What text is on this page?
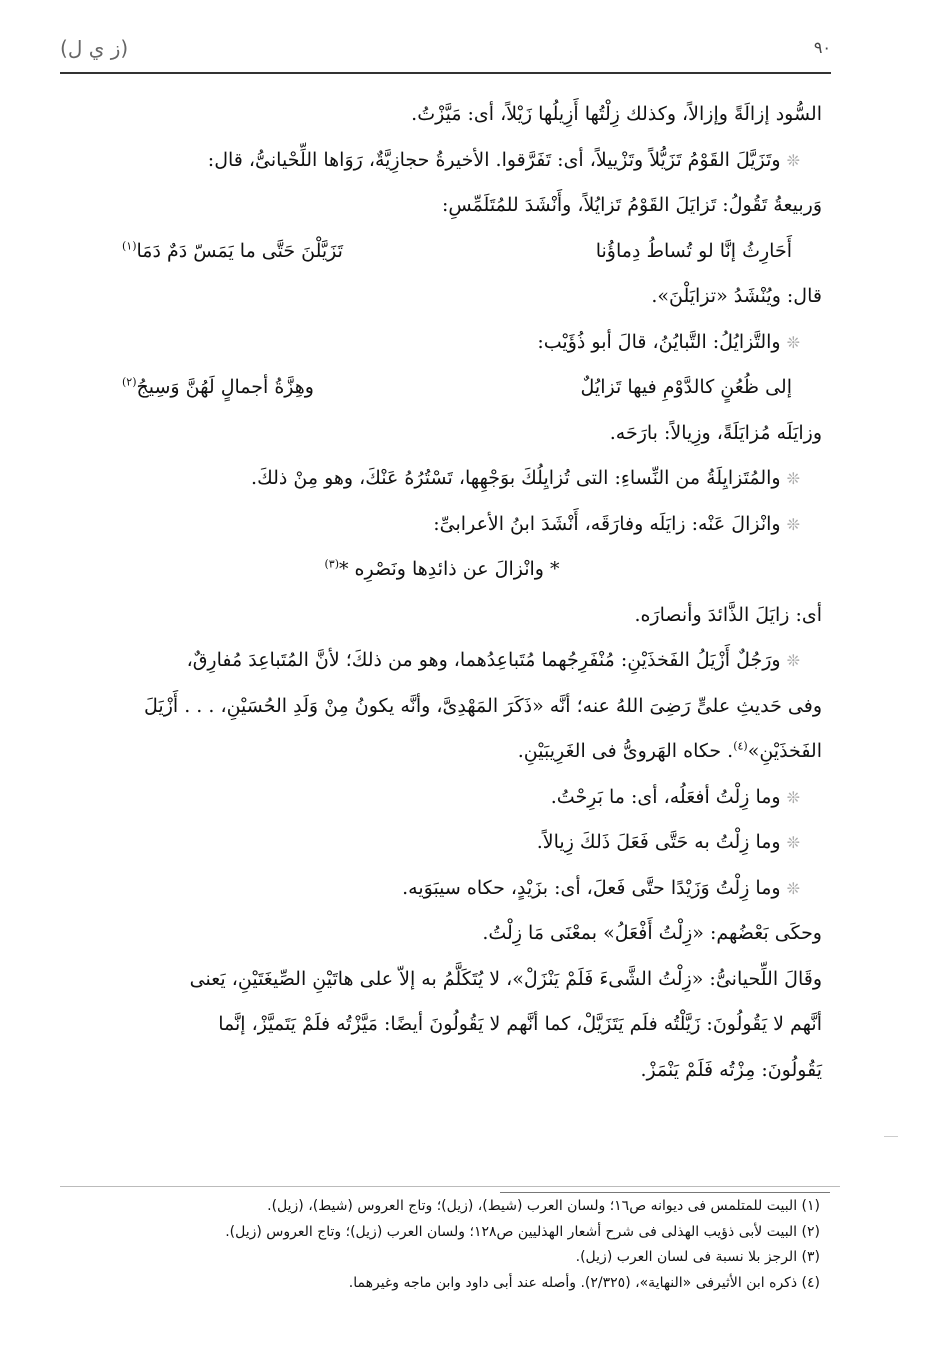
(ز ي ل)	٩٠

السُّود إزالَةً وإزالاً، وكذلك زِلْتُها أَزِيلُها زَيْلاً، أى: مَيَّزْتُ.

❊وتَزَيَّلَ القَوْمُ تَزَيُّلاً وتَزْييلاً، أى: تَفَرَّقوا. الأخيرةُ حجازِيَّةٌ، رَوَاها اللِّحْيانىُّ، قال:

وَربيعةُ تَقُولُ: تَزايَلَ القَوْمُ تَزايُلاً، وأَنْشَدَ للمُتَلَمِّسِ:

أَحَارِثُ إنَّا لو تُساطُ دِماؤُنا
تَزَيَّلْنَ حَتَّى ما يَمَسّ دَمٌ دَمَا$^{(١)}$

قال: ويُنْشَدُ «تزايَلْنَ».

❊والتَّزايُلُ: التَّبايُنُ، قالَ أبو ذُؤَيْب:

إلى ظُعُنٍ كالدَّوْمِ فيها تَزايُلٌ
وهِزَّةُ أجمالٍ لَهُنَّ وَسِيجُ$^{(٢)}$

وزايَلَه مُزايَلَةً، وزِيالاً: بارَحَه.

❊والمُتَزايِلَةُ من النِّساءِ: التى تُزايِلُكَ بوَجْهِها، تَسْتُرُهُ عَنْكَ، وهو مِنْ ذلكَ.

❊وانْزالَ عَنْه: زايَلَه وفارَقَه، أَنْشَدَ ابنُ الأعرابىِّ:

* وانْزالَ عن ذائدِها ونَصْرِه *$^{(٣)}$

أى: زايَلَ الذَّائدَ وأنصارَه.

❊ورَجُلٌ أَزْيَلُ الفَخذَيْنِ: مُنْفَرِجُهما مُتَباعِدُهما، وهو من ذلكَ؛ لأنَّ المُتَباعِدَ مُفارِقٌ،

وفى حَديثِ علىٍّ رَضِىَ اللهُ عنه؛ أنَّه «ذَكَرَ المَهْدِىَّ، وأنَّه يكونُ مِنْ وَلَدِ الحُسَيْنِ، . . . أَزْيَلَ

الفَخذَيْنِ»$^{(٤)}$. حكاه الهَروىُّ فى الغَرِيبَيْنِ.

❊وما زِلْتُ أفعَلُه، أى: ما بَرِحْتُ.

❊وما زِلْتُ به حَتَّى فَعَلَ ذَلكَ زِيالاً.

❊وما زِلْتُ وَزَيْدًا حتَّى فَعلَ، أى: بزَيْدٍ، حكاه سيبَوَيه.

وحكَى بَعْضُهم: «زِلْتُ أَفْعَلُ» بمعْنَى مَا زِلْتُ.

وقَالَ اللِّحيانىُّ: «زِلْتُ الشَّىءَ فَلَمْ يَنْزَلْ»، لا يُتَكَلَّمُ به إلاّ على هاتَيْنِ الصِّيغَتَيْنِ، يَعنى

أنَّهم لا يَقُولُونَ: زَيَّلْتُه فلَم يَتَزَيَّلْ، كما أنَّهم لا يَقُولُونَ أيضًا: مَيَّزْتُه فلَمْ يَتَميَّزْ، إنَّما

يَقُولُونَ: مِزْتُه فَلَمْ يَنْمَزْ.

(١) البيت للمتلمس فى ديوانه ص١٦؛ ولسان العرب (شيط)، (زيل)؛ وتاج العروس (شيط)، (زيل).

(٢) البيت لأبى ذؤيب الهذلى فى شرح أشعار الهذليين ص١٢٨؛ ولسان العرب (زيل)؛ وتاج العروس (زيل).

(٣) الرجز بلا نسبة فى لسان العرب (زيل).

(٤) ذكره ابن الأثيرفى «النهاية»، (٢/٣٢٥). وأصله عند أبى داود وابن ماجه وغيرهما.
